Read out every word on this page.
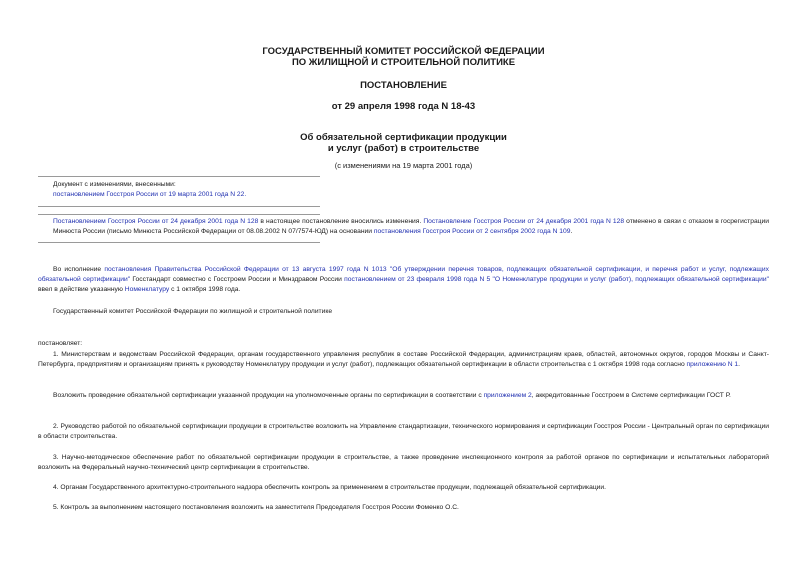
ГОСУДАРСТВЕННЫЙ КОМИТЕТ РОССИЙСКОЙ ФЕДЕРАЦИИ
ПО ЖИЛИЩНОЙ И СТРОИТЕЛЬНОЙ ПОЛИТИКЕ
ПОСТАНОВЛЕНИЕ
от 29 апреля 1998 года N 18-43
Об обязательной сертификации продукции
и услуг (работ) в строительстве
(с изменениями на 19 марта 2001 года)
Документ с изменениями, внесенными:
постановлением Госстроя России от 19 марта 2001 года N 22.
Постановлением Госстроя России от 24 декабря 2001 года N 128 в настоящее постановление вносились изменения. Постановление Госстроя России от 24 декабря 2001 года N 128 отменено в связи с отказом в госрегистрации Минюста России (письмо Минюста Российской Федерации от 08.08.2002 N 07/7574-ЮД) на основании постановления Госстроя России от 2 сентября 2002 года N 109.
Во исполнение постановления Правительства Российской Федерации от 13 августа 1997 года N 1013 "Об утверждении перечня товаров, подлежащих обязательной сертификации, и перечня работ и услуг, подлежащих обязательной сертификации" Госстандарт совместно с Госстроем России и Минздравом России постановлением от 23 февраля 1998 года N 5 "О Номенклатуре продукции и услуг (работ), подлежащих обязательной сертификации" ввел в действие указанную Номенклатуру с 1 октября 1998 года.
Государственный комитет Российской Федерации по жилищной и строительной политике
постановляет:
1. Министерствам и ведомствам Российской Федерации, органам государственного управления республик в составе Российской Федерации, администрациям краев, областей, автономных округов, городов Москвы и Санкт-Петербурга, предприятиям и организациям принять к руководству Номенклатуру продукции и услуг (работ), подлежащих обязательной сертификации в области строительства с 1 октября 1998 года согласно приложению N 1.
Возложить проведение обязательной сертификации указанной продукции на уполномоченные органы по сертификации в соответствии с приложением 2, аккредитованные Госстроем в Системе сертификации ГОСТ Р.
2. Руководство работой по обязательной сертификации продукции в строительстве возложить на Управление стандартизации, технического нормирования и сертификации Госстроя России - Центральный орган по сертификации в области строительства.
3. Научно-методическое обеспечение работ по обязательной сертификации продукции в строительстве, а также проведение инспекционного контроля за работой органов по сертификации и испытательных лабораторий возложить на Федеральный научно-технический центр сертификации в строительстве.
4. Органам Государственного архитектурно-строительного надзора обеспечить контроль за применением в строительстве продукции, подлежащей обязательной сертификации.
5. Контроль за выполнением настоящего постановления возложить на заместителя Председателя Госстроя России Фоменко О.С.
